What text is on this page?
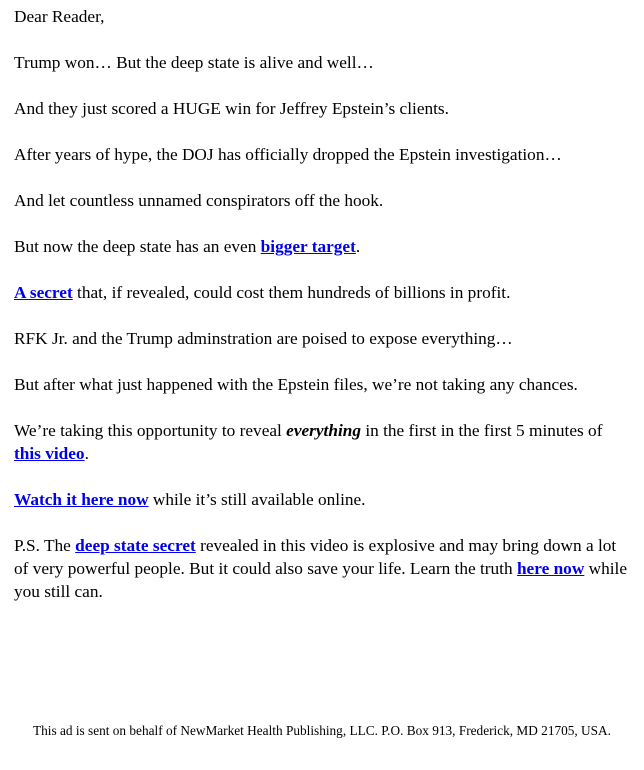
Dear Reader,

Trump won… But the deep state is alive and well…

And they just scored a HUGE win for Jeffrey Epstein’s clients.

After years of hype, the DOJ has officially dropped the Epstein investigation…

And let countless unnamed conspirators off the hook.

But now the deep state has an even bigger target.

A secret that, if revealed, could cost them hundreds of billions in profit.

RFK Jr. and the Trump adminstration are poised to expose everything…

But after what just happened with the Epstein files, we’re not taking any chances.

We’re taking this opportunity to reveal everything in the first in the first 5 minutes of this video.

Watch it here now while it’s still available online.

P.S. The deep state secret revealed in this video is explosive and may bring down a lot of very powerful people. But it could also save your life. Learn the truth here now while you still can.

This ad is sent on behalf of NewMarket Health Publishing, LLC. P.O. Box 913, Frederick, MD 21705, USA.
